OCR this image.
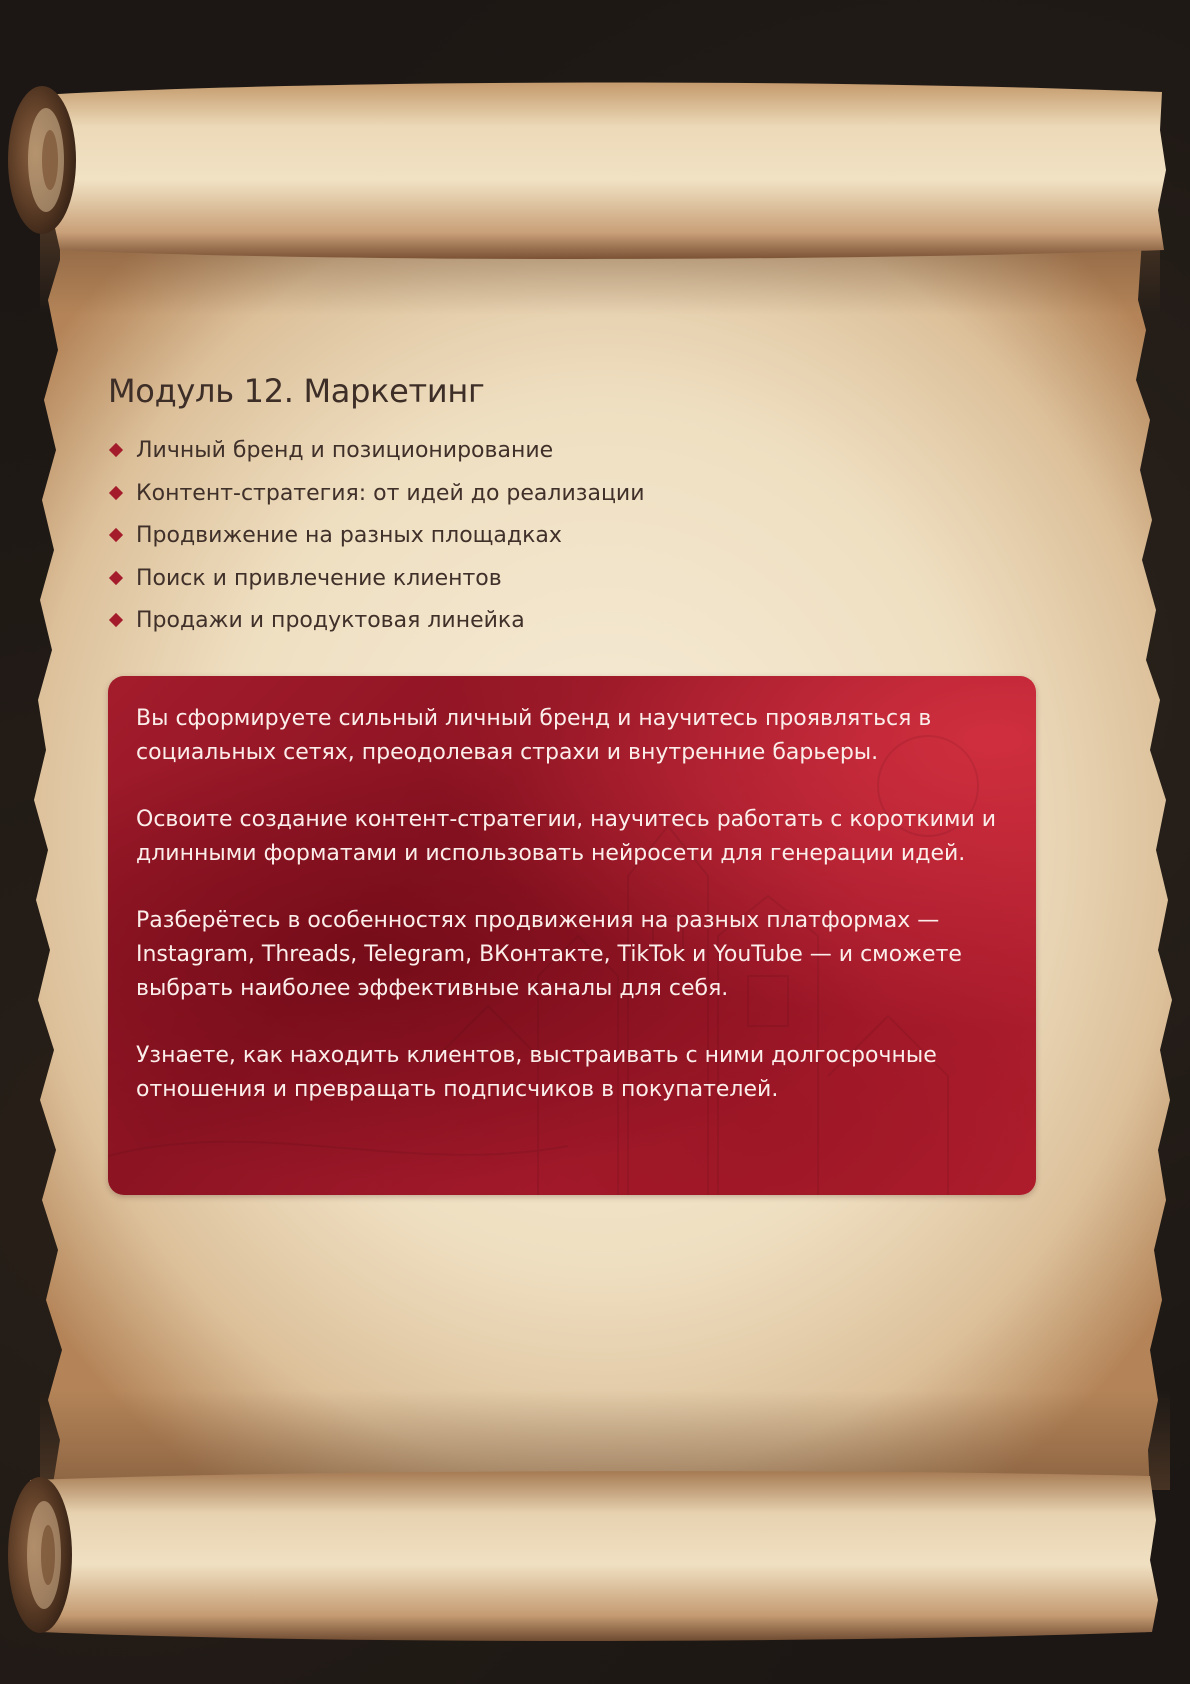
Модуль 12. Маркетинг
Личный бренд и позиционирование
Контент-стратегия: от идей до реализации
Продвижение на разных площадках
Поиск и привлечение клиентов
Продажи и продуктовая линейка

Вы сформируете сильный личный бренд и научитесь проявляться в социальных сетях, преодолевая страхи и внутренние барьеры.

Освоите создание контент-стратегии, научитесь работать с короткими и длинными форматами и использовать нейросети для генерации идей.

Разберётесь в особенностях продвижения на разных платформах — Instagram, Threads, Telegram, ВКонтакте, TikTok и YouTube — и сможете выбрать наиболее эффективные каналы для себя.

Узнаете, как находить клиентов, выстраивать с ними долгосрочные отношения и превращать подписчиков в покупателей.
